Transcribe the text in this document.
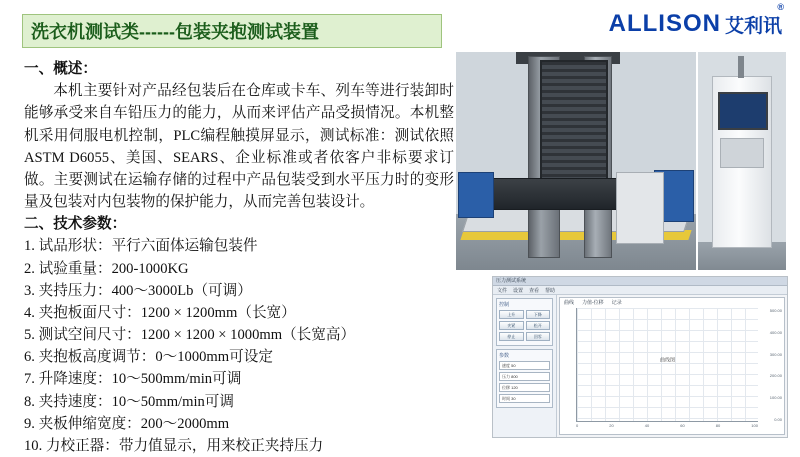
洗衣机测试类------包装夹抱测试装置	ALLISON 艾利讯
®

一、概述：

本机主要针对产品经包装后在仓库或卡车、列车等进行装卸时能够承受来自车铅压力的能力，从而来评估产品受损情况。本机整机采用伺服电机控制，PLC编程触摸屏显示，测试标准：测试依照ASTM D6055、美国、SEARS、企业标准或者依客户非标要求订做。主要测试在运输存储的过程中产品包装受到水平压力时的变形量及包装对内包装物的保护能力，从而完善包装设计。

二、技术参数：

1. 试品形状：平行六面体运输包装件
2. 试验重量：200-1000KG
3. 夹持压力：400～3000Lb（可调）
4. 夹抱板面尺寸：1200 × 1200mm（长宽）
5. 测试空间尺寸：1200 × 1200 × 1000mm（长宽高）
6. 夹抱板高度调节：0～1000mm可设定
7. 升降速度：10～500mm/min可调
8. 夹持速度：10～50mm/min可调
9. 夹板伸缩宽度：200～2000mm
10. 力校正器：带力值显示，用来校正夹持压力
压力测试系统
文件 设置 查看 帮助
控制
上升	下降
夹紧	松开
停止	回零
参数
速度 50
压力 800
位移 120
时间 30
曲线 力值-位移 记录
曲线图
500.00
400.00
300.00
200.00
100.00
0.00
0	20	40	60	80	100
